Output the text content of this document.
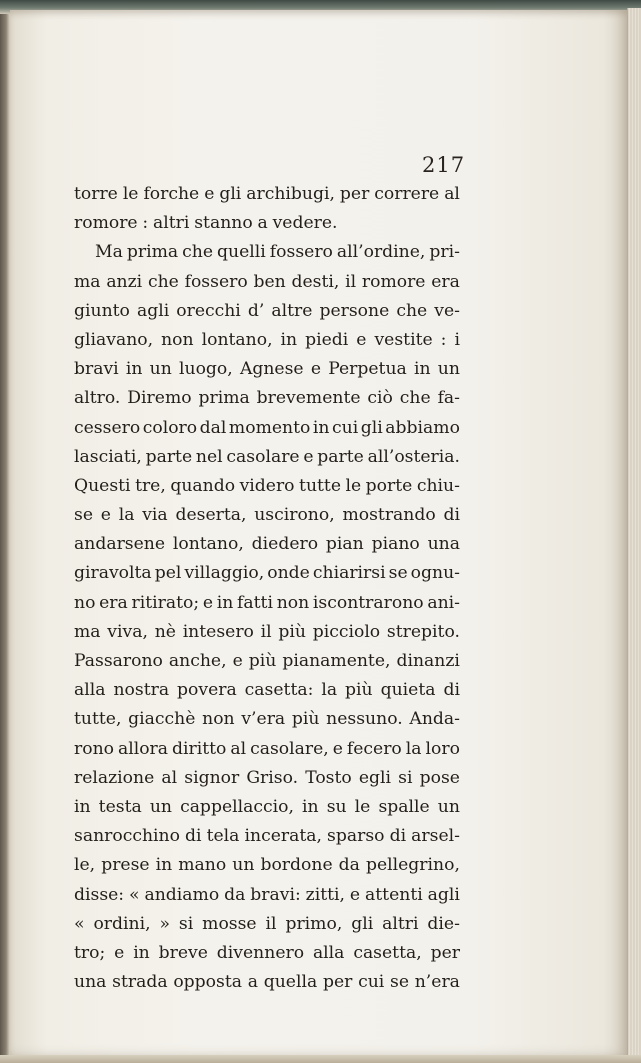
217
torre le forche e gli archibugi, per correre al
romore : altri stanno a vedere.
Ma prima che quelli fossero all’ordine, pri-
ma anzi che fossero ben desti, il romore era
giunto agli orecchi d’ altre persone che ve-
gliavano, non lontano, in piedi e vestite : i
bravi in un luogo, Agnese e Perpetua in un
altro. Diremo prima brevemente ciò che fa-
cessero coloro dal momento in cui gli abbiamo
lasciati, parte nel casolare e parte all’osteria.
Questi tre, quando videro tutte le porte chiu-
se e la via deserta, uscirono, mostrando di
andarsene lontano, diedero pian piano una
giravolta pel villaggio, onde chiarirsi se ognu-
no era ritirato; e in fatti non iscontrarono ani-
ma viva, nè intesero il più picciolo strepito.
Passarono anche, e più pianamente, dinanzi
alla nostra povera casetta: la più quieta di
tutte, giacchè non v’era più nessuno. Anda-
rono allora diritto al casolare, e fecero la loro
relazione al signor Griso. Tosto egli si pose
in testa un cappellaccio, in su le spalle un
sanrocchino di tela incerata, sparso di arsel-
le, prese in mano un bordone da pellegrino,
disse: « andiamo da bravi: zitti, e attenti agli
« ordini, » si mosse il primo, gli altri die-
tro; e in breve divennero alla casetta, per
una strada opposta a quella per cui se n’era
